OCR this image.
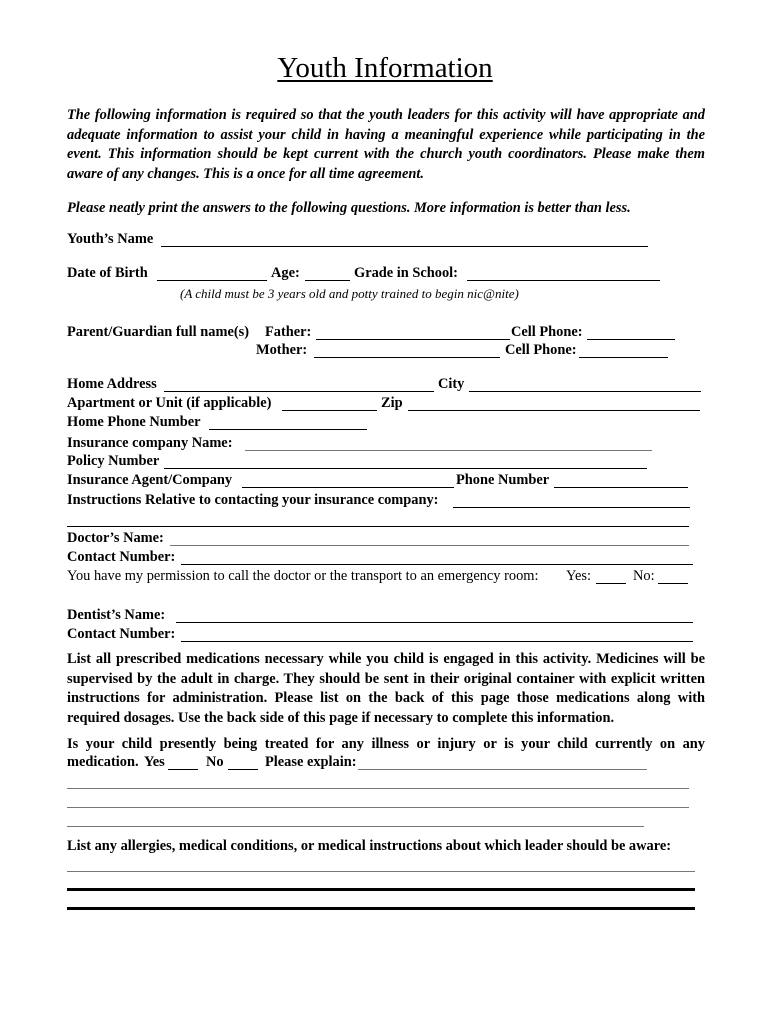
Youth Information
The following information is required so that the youth leaders for this activity will have appropriate and adequate information to assist your child in having a meaningful experience while participating in the event. This information should be kept current with the church youth coordinators. Please make them aware of any changes. This is a once for all time agreement.
Please neatly print the answers to the following questions. More information is better than less.
Youth’s Name
Date of Birth	Age:	Grade in School:
(A child must be 3 years old and potty trained to begin nic@nite)
Parent/Guardian full name(s) Father:	Cell Phone:
Mother:	Cell Phone:
Home Address	City
Apartment or Unit (if applicable)	Zip
Home Phone Number
Insurance company Name:
Policy Number
Insurance Agent/Company	Phone Number
Instructions Relative to contacting your insurance company:
Doctor’s Name:
Contact Number:
You have my permission to call the doctor or the transport to an emergency room: Yes:	No:
Dentist’s Name:
Contact Number:
List all prescribed medications necessary while you child is engaged in this activity. Medicines will be supervised by the adult in charge. They should be sent in their original container with explicit written instructions for administration. Please list on the back of this page those medications along with required dosages. Use the back side of this page if necessary to complete this information.
Is your child presently being treated for any illness or injury or is your child currently on any
medication. Yes	No	Please explain:
List any allergies, medical conditions, or medical instructions about which leader should be aware:
